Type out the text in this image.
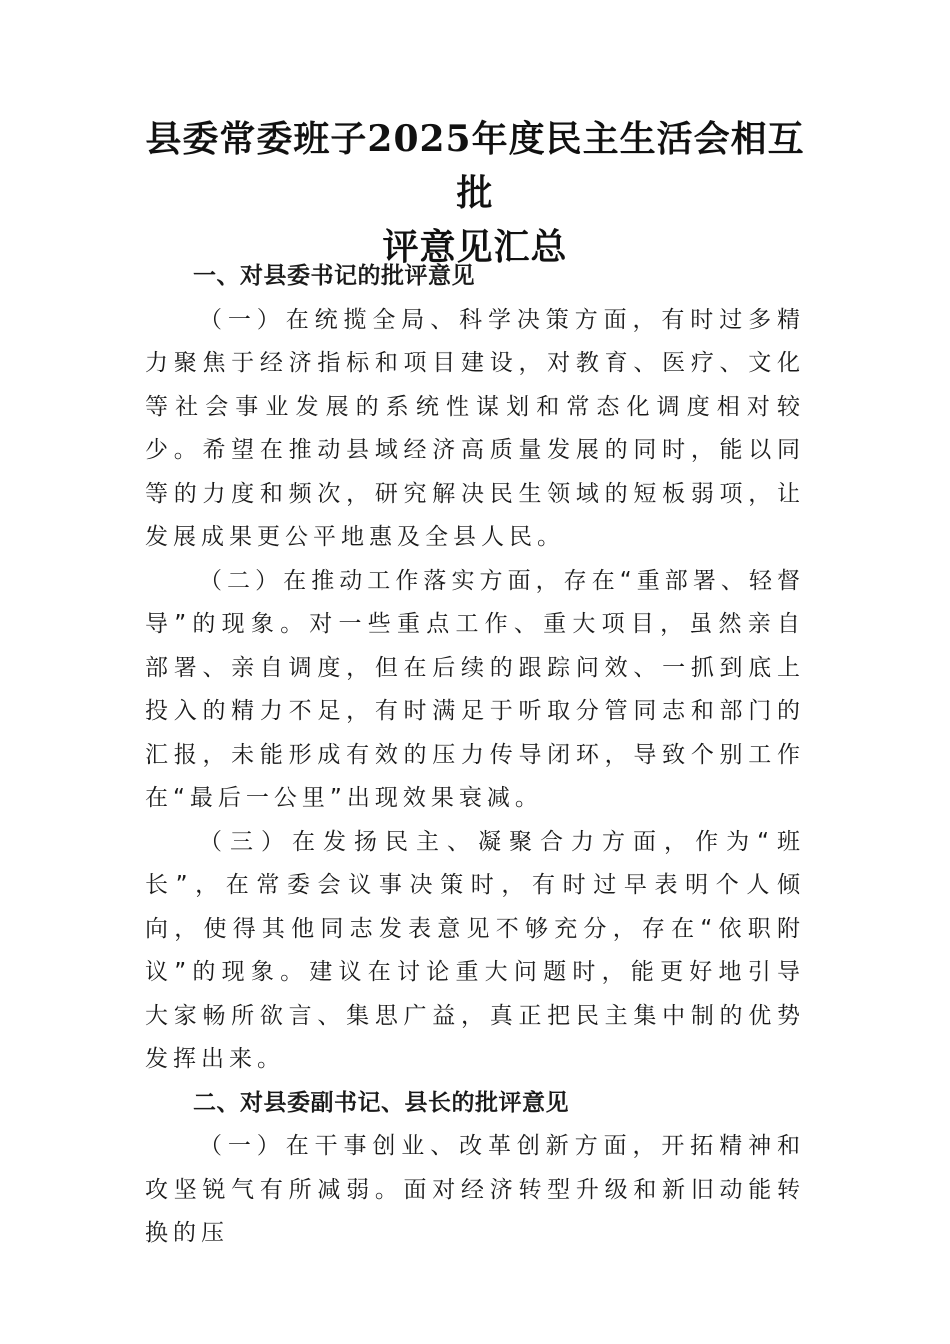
县委常委班子2025年度民主生活会相互批
评意见汇总

一、对县委书记的批评意见

（一）在统揽全局、科学决策方面，有时过多精力聚焦于经济指标和项目建设，对教育、医疗、文化等社会事业发展的系统性谋划和常态化调度相对较少。希望在推动县域经济高质量发展的同时，能以同等的力度和频次，研究解决民生领域的短板弱项，让发展成果更公平地惠及全县人民。

（二）在推动工作落实方面，存在“重部署、轻督导”的现象。对一些重点工作、重大项目，虽然亲自部署、亲自调度，但在后续的跟踪问效、一抓到底上投入的精力不足，有时满足于听取分管同志和部门的汇报，未能形成有效的压力传导闭环，导致个别工作在“最后一公里”出现效果衰减。

（三）在发扬民主、凝聚合力方面，作为“班长”，在常委会议事决策时，有时过早表明个人倾向，使得其他同志发表意见不够充分，存在“依职附议”的现象。建议在讨论重大问题时，能更好地引导大家畅所欲言、集思广益，真正把民主集中制的优势发挥出来。

二、对县委副书记、县长的批评意见

（一）在干事创业、改革创新方面，开拓精神和攻坚锐气有所减弱。面对经济转型升级和新旧动能转换的压
